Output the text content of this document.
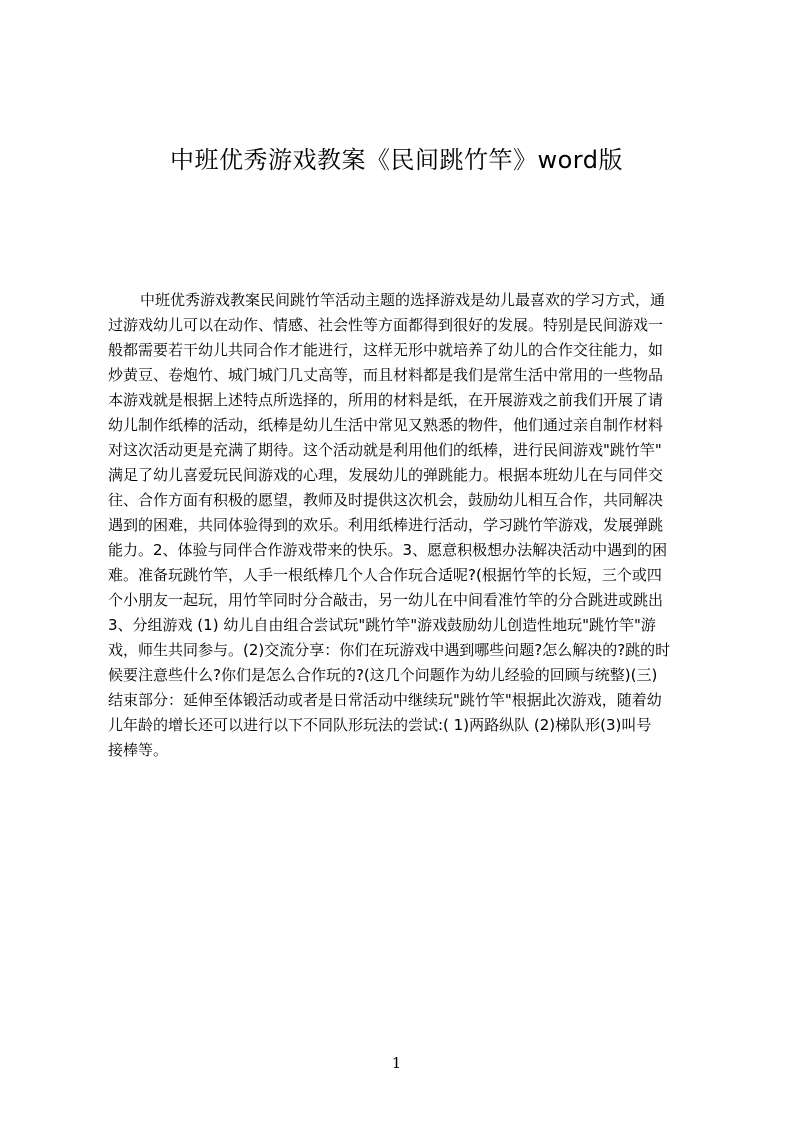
中班优秀游戏教案《民间跳竹竿》word版
中班优秀游戏教案民间跳竹竿活动主题的选择游戏是幼儿最喜欢的学习方式，通
过游戏幼儿可以在动作、情感、社会性等方面都得到很好的发展。特别是民间游戏一
般都需要若干幼儿共同合作才能进行，这样无形中就培养了幼儿的合作交往能力，如
炒黄豆、卷炮竹、城门城门几丈高等，而且材料都是我们是常生活中常用的一些物品
本游戏就是根据上述特点所选择的，所用的材料是纸，在开展游戏之前我们开展了请
幼儿制作纸棒的活动，纸棒是幼儿生活中常见又熟悉的物件，他们通过亲自制作材料
对这次活动更是充满了期待。这个活动就是利用他们的纸棒，进行民间游戏"跳竹竿"
满足了幼儿喜爱玩民间游戏的心理，发展幼儿的弹跳能力。根据本班幼儿在与同伴交
往、合作方面有积极的愿望，教师及时提供这次机会，鼓励幼儿相互合作，共同解决
遇到的困难，共同体验得到的欢乐。利用纸棒进行活动，学习跳竹竿游戏，发展弹跳
能力。2、体验与同伴合作游戏带来的快乐。3、愿意积极想办法解决活动中遇到的困
难。准备玩跳竹竿，人手一根纸棒几个人合作玩合适呢?(根据竹竿的长短，三个或四
个小朋友一起玩，用竹竿同时分合敲击，另一幼儿在中间看准竹竿的分合跳进或跳出
3、分组游戏 (1) 幼儿自由组合尝试玩"跳竹竿"游戏鼓励幼儿创造性地玩"跳竹竿"游
戏，师生共同参与。(2)交流分享：你们在玩游戏中遇到哪些问题?怎么解决的?跳的时
候要注意些什么?你们是怎么合作玩的?(这几个问题作为幼儿经验的回顾与统整)(三)
结束部分：延伸至体锻活动或者是日常活动中继续玩"跳竹竿"根据此次游戏，随着幼
儿年龄的增长还可以进行以下不同队形玩法的尝试:( 1)两路纵队 (2)梯队形(3)叫号
接棒等。
1
